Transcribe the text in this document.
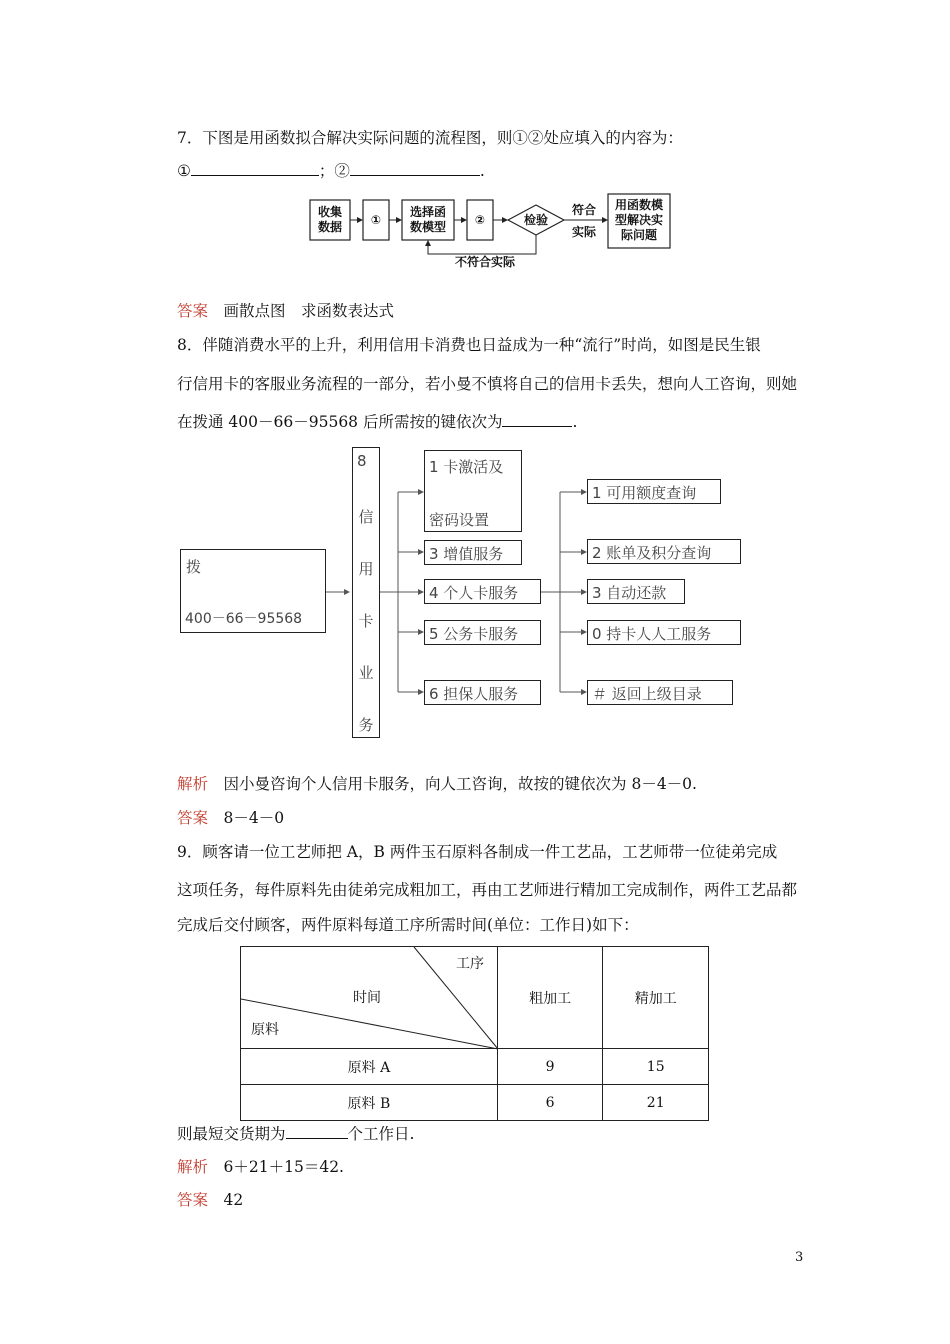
7．下图是用函数拟合解决实际问题的流程图，则①②处应填入的内容为：
①	；②	.
收集
数据	①
选择函
数模型	②	检验
符合
实际
用函数模
型解决实
际问题
不符合实际
答案　 画散点图　求函数表达式
8．伴随消费水平的上升，利用信用卡消费也日益成为一种“流行”时尚，如图是民生银
行信用卡的客服业务流程的一部分，若小曼不慎将自己的信用卡丢失，想向人工咨询，则她
在拨通 400－66－95568 后所需按的键依次为	.
拨
400－66－95568
8
信
用
卡
业
务
1 卡激活及
密码设置
3 增值服务
4 个人卡服务
5 公务卡服务
6 担保人服务
1 可用额度查询
2 账单及积分查询
3 自动还款
0 持卡人人工服务
＃ 返回上级目录
解析　 因小曼咨询个人信用卡服务，向人工咨询，故按的键依次为 8－4－0.
答案　 8－4－0
9．顾客请一位工艺师把 A，B 两件玉石原料各制成一件工艺品，工艺师带一位徒弟完成
这项任务，每件原料先由徒弟完成粗加工，再由工艺师进行精加工完成制作，两件工艺品都
完成后交付顾客，两件原料每道工序所需时间(单位：工作日)如下：
工序
时间
原料	粗加工	精加工
原料 A	9	15
原料 B	6	21
则最短交货期为	个工作日.
解析　 6＋21＋15＝42.
答案　 42
3
